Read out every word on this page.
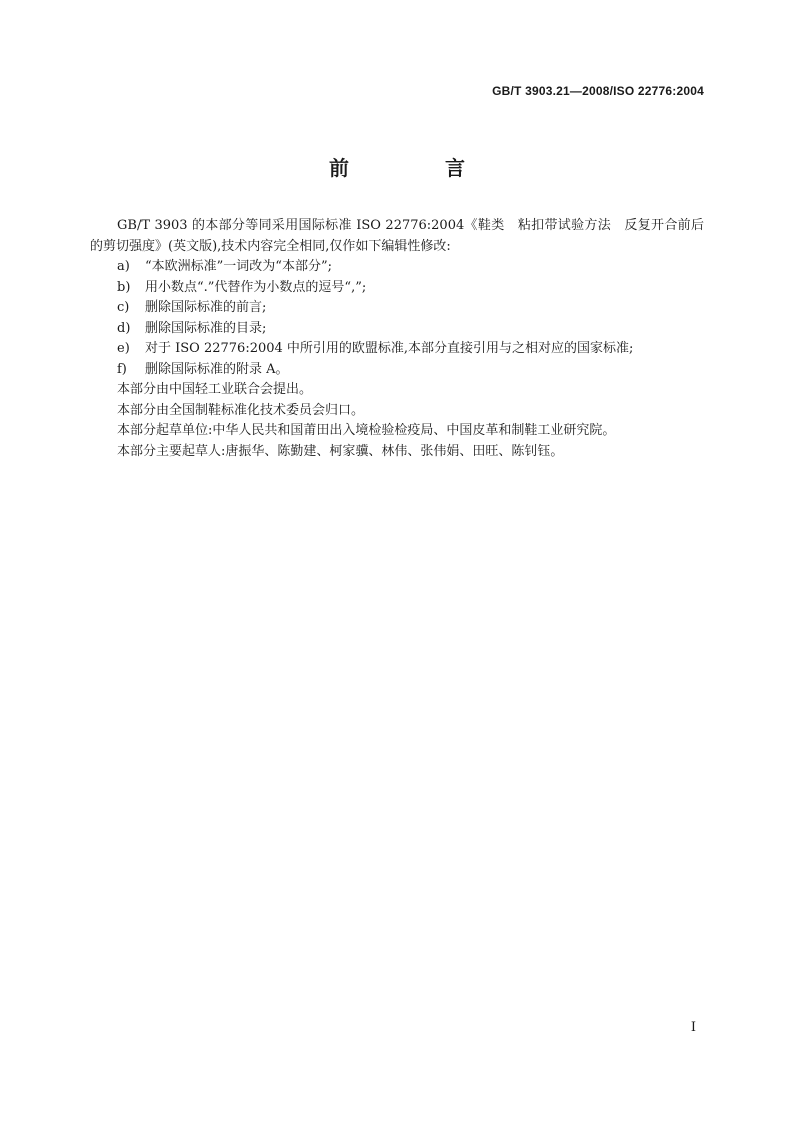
GB/T 3903.21—2008/ISO 22776:2004
前　言

GB/T 3903 的本部分等同采用国际标准 ISO 22776:2004《鞋类　粘扣带试验方法　反复开合前后的剪切强度》(英文版),技术内容完全相同,仅作如下编辑性修改:

a) “本欧洲标准”一词改为“本部分”;
b) 用小数点“.”代替作为小数点的逗号“,”;
c) 删除国际标准的前言;
d) 删除国际标准的目录;
e) 对于 ISO 22776:2004 中所引用的欧盟标准,本部分直接引用与之相对应的国家标准;
f) 删除国际标准的附录 A。

本部分由中国轻工业联合会提出。

本部分由全国制鞋标准化技术委员会归口。

本部分起草单位:中华人民共和国莆田出入境检验检疫局、中国皮革和制鞋工业研究院。

本部分主要起草人:唐振华、陈勤建、柯家骥、林伟、张伟娟、田旺、陈钊钰。

I
